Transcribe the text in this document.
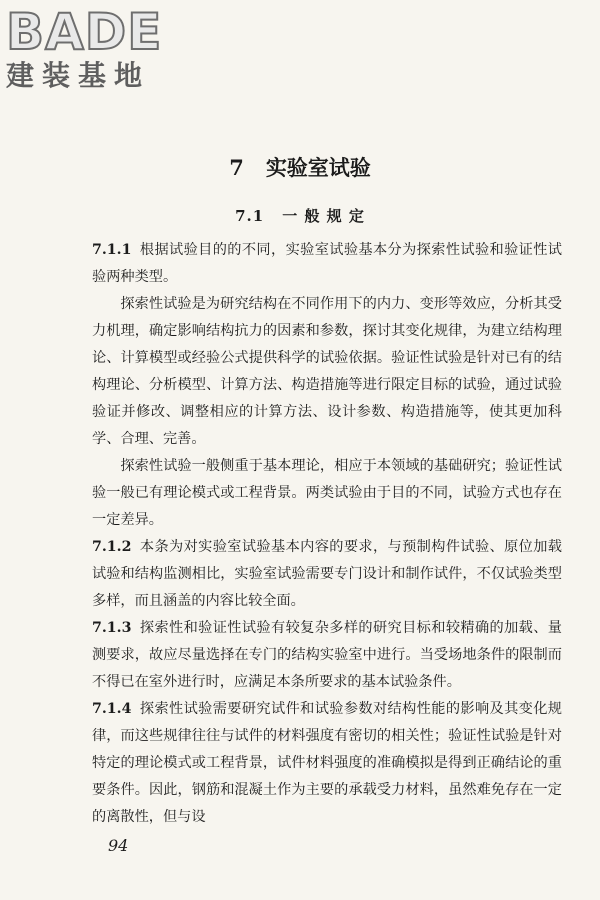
BADE
建装基地
7 实验室试验
7.1 一 般 规 定

7.1.1 根据试验目的的不同，实验室试验基本分为探索性试验和验证性试验两种类型。

探索性试验是为研究结构在不同作用下的内力、变形等效应，分析其受力机理，确定影响结构抗力的因素和参数，探讨其变化规律，为建立结构理论、计算模型或经验公式提供科学的试验依据。验证性试验是针对已有的结构理论、分析模型、计算方法、构造措施等进行限定目标的试验，通过试验验证并修改、调整相应的计算方法、设计参数、构造措施等，使其更加科学、合理、完善。

探索性试验一般侧重于基本理论，相应于本领域的基础研究；验证性试验一般已有理论模式或工程背景。两类试验由于目的不同，试验方式也存在一定差异。

7.1.2 本条为对实验室试验基本内容的要求，与预制构件试验、原位加载试验和结构监测相比，实验室试验需要专门设计和制作试件，不仅试验类型多样，而且涵盖的内容比较全面。

7.1.3 探索性和验证性试验有较复杂多样的研究目标和较精确的加载、量测要求，故应尽量选择在专门的结构实验室中进行。当受场地条件的限制而不得已在室外进行时，应满足本条所要求的基本试验条件。

7.1.4 探索性试验需要研究试件和试验参数对结构性能的影响及其变化规律，而这些规律往往与试件的材料强度有密切的相关性；验证性试验是针对特定的理论模式或工程背景，试件材料强度的准确模拟是得到正确结论的重要条件。因此，钢筋和混凝土作为主要的承载受力材料，虽然难免存在一定的离散性，但与设

94
